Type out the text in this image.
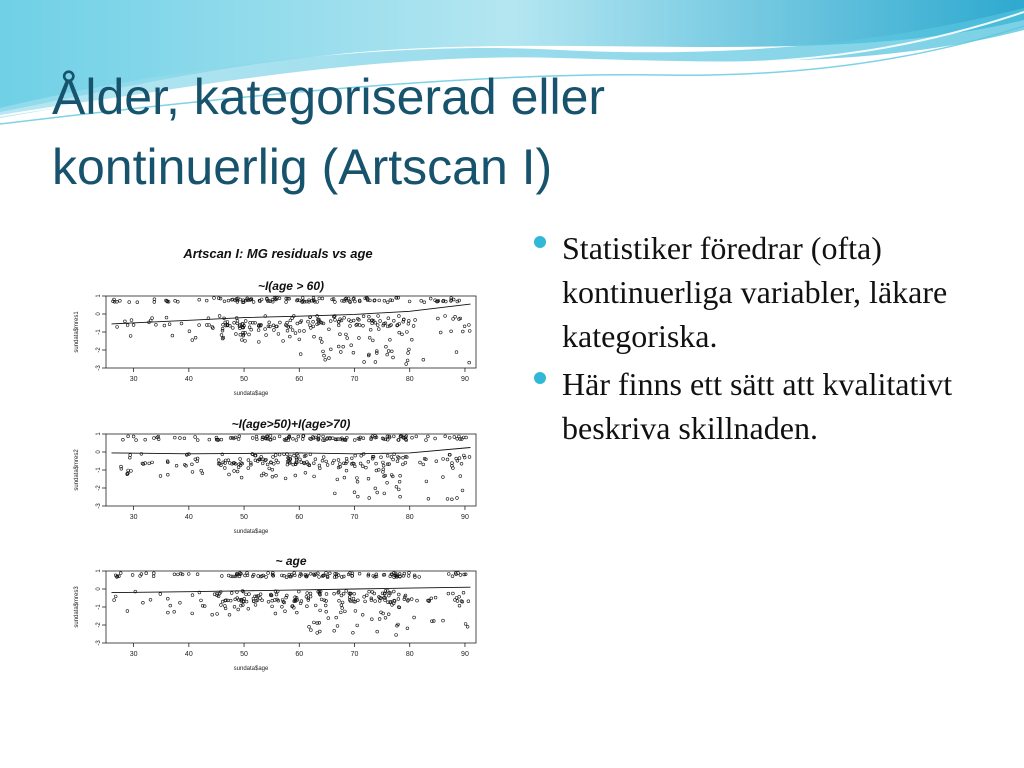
Ålder, kategoriserad eller
kontinuerlig (Artscan I)
Statistiker föredrar (ofta) kontinuerliga variabler, läkare kategoriska.
Här finns ett sätt att kvalitativt beskriva skillnaden.
Artscan I: MG residuals vs age
~I(age > 60)
30	40	50	60	70	80	90
sundata$age
1
0
-1
-2
-3
sundata$mres1
~I(age>50)+I(age>70)
30	40	50	60	70	80	90
sundata$age
1
0
-1
-2
-3
sundata$mres2
~ age
30	40	50	60	70	80	90
sundata$age
1
0
-1
-2
-3
sundata$mres3
